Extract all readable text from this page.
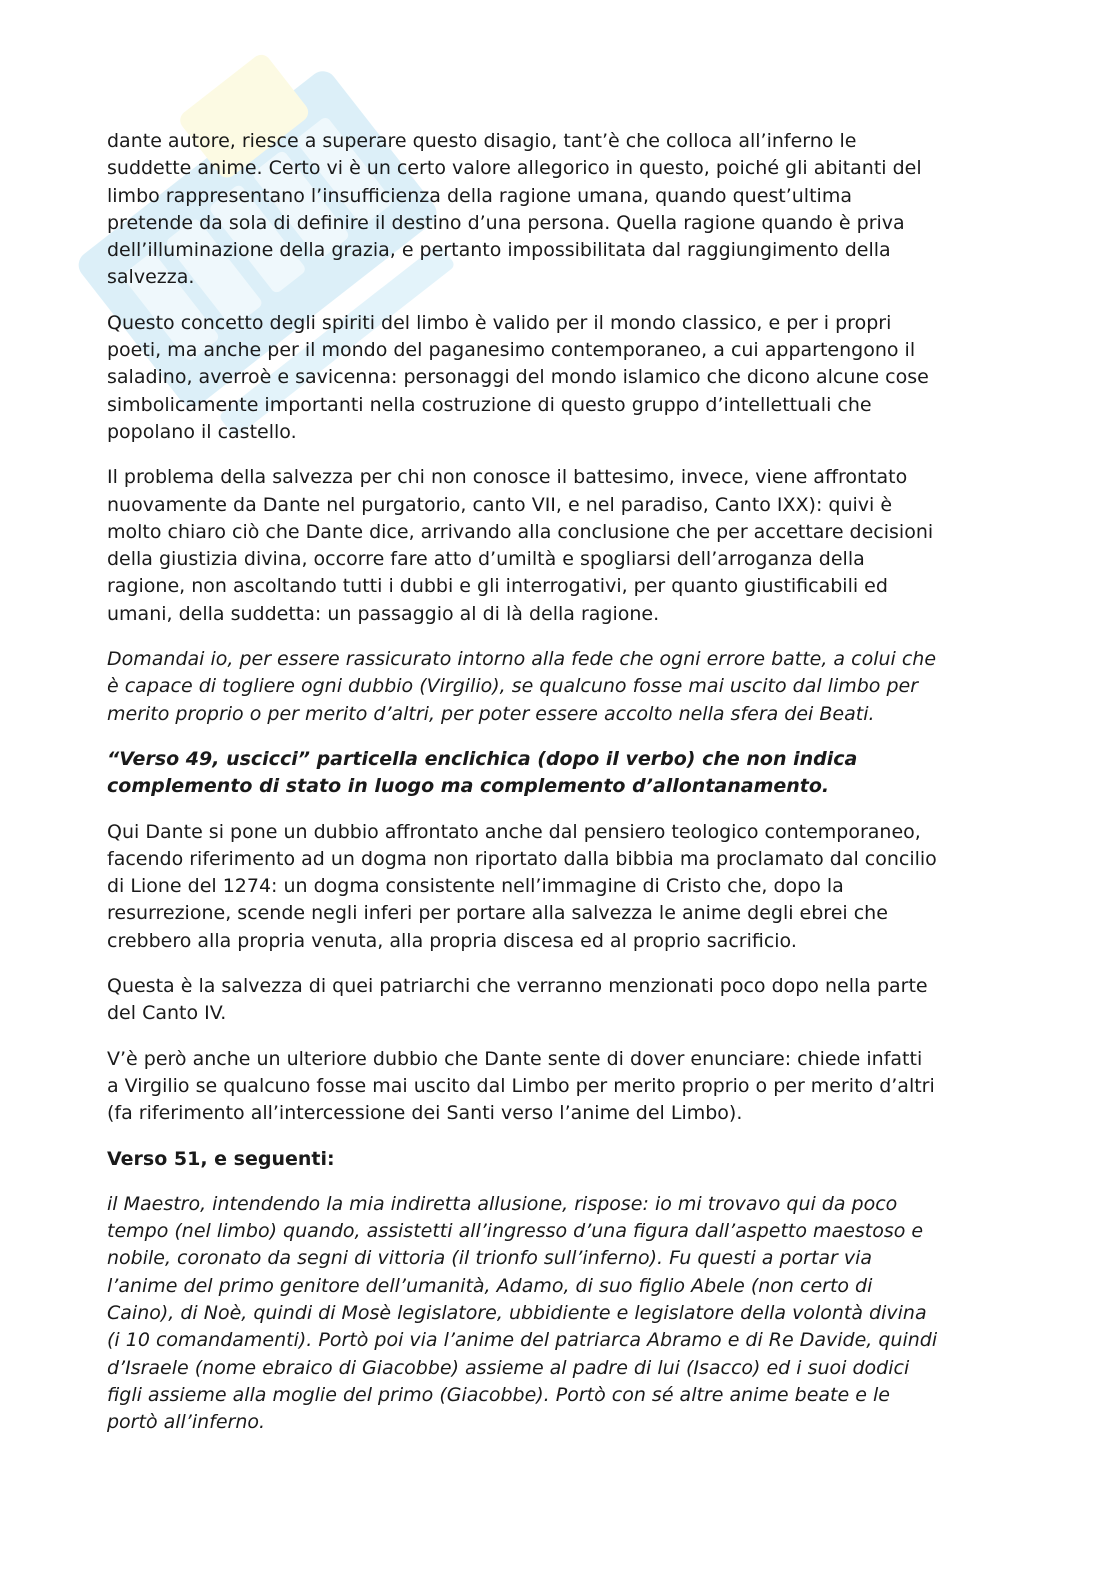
dante autore, riesce a superare questo disagio, tant’è che colloca all’inferno le
suddette anime. Certo vi è un certo valore allegorico in questo, poiché gli abitanti del
limbo rappresentano l’insufficienza della ragione umana, quando quest’ultima
pretende da sola di definire il destino d’una persona. Quella ragione quando è priva
dell’illuminazione della grazia, e pertanto impossibilitata dal raggiungimento della
salvezza.
Questo concetto degli spiriti del limbo è valido per il mondo classico, e per i propri
poeti, ma anche per il mondo del paganesimo contemporaneo, a cui appartengono il
saladino, averroè e savicenna: personaggi del mondo islamico che dicono alcune cose
simbolicamente importanti nella costruzione di questo gruppo d’intellettuali che
popolano il castello.
Il problema della salvezza per chi non conosce il battesimo, invece, viene affrontato
nuovamente da Dante nel purgatorio, canto VII, e nel paradiso, Canto IXX): quivi è
molto chiaro ciò che Dante dice, arrivando alla conclusione che per accettare decisioni
della giustizia divina, occorre fare atto d’umiltà e spogliarsi dell’arroganza della
ragione, non ascoltando tutti i dubbi e gli interrogativi, per quanto giustificabili ed
umani, della suddetta: un passaggio al di là della ragione.
Domandai io, per essere rassicurato intorno alla fede che ogni errore batte, a colui che
è capace di togliere ogni dubbio (Virgilio), se qualcuno fosse mai uscito dal limbo per
merito proprio o per merito d’altri, per poter essere accolto nella sfera dei Beati.
“Verso 49, uscicci” particella enclichica (dopo il verbo) che non indica
complemento di stato in luogo ma complemento d’allontanamento.
Qui Dante si pone un dubbio affrontato anche dal pensiero teologico contemporaneo,
facendo riferimento ad un dogma non riportato dalla bibbia ma proclamato dal concilio
di Lione del 1274: un dogma consistente nell’immagine di Cristo che, dopo la
resurrezione, scende negli inferi per portare alla salvezza le anime degli ebrei che
crebbero alla propria venuta, alla propria discesa ed al proprio sacrificio.
Questa è la salvezza di quei patriarchi che verranno menzionati poco dopo nella parte
del Canto IV.
V’è però anche un ulteriore dubbio che Dante sente di dover enunciare: chiede infatti
a Virgilio se qualcuno fosse mai uscito dal Limbo per merito proprio o per merito d’altri
(fa riferimento all’intercessione dei Santi verso l’anime del Limbo).
Verso 51, e seguenti:
il Maestro, intendendo la mia indiretta allusione, rispose: io mi trovavo qui da poco
tempo (nel limbo) quando, assistetti all’ingresso d’una figura dall’aspetto maestoso e
nobile, coronato da segni di vittoria (il trionfo sull’inferno). Fu questi a portar via
l’anime del primo genitore dell’umanità, Adamo, di suo figlio Abele (non certo di
Caino), di Noè, quindi di Mosè legislatore, ubbidiente e legislatore della volontà divina
(i 10 comandamenti). Portò poi via l’anime del patriarca Abramo e di Re Davide, quindi
d’Israele (nome ebraico di Giacobbe) assieme al padre di lui (Isacco) ed i suoi dodici
figli assieme alla moglie del primo (Giacobbe). Portò con sé altre anime beate e le
portò all’inferno.
